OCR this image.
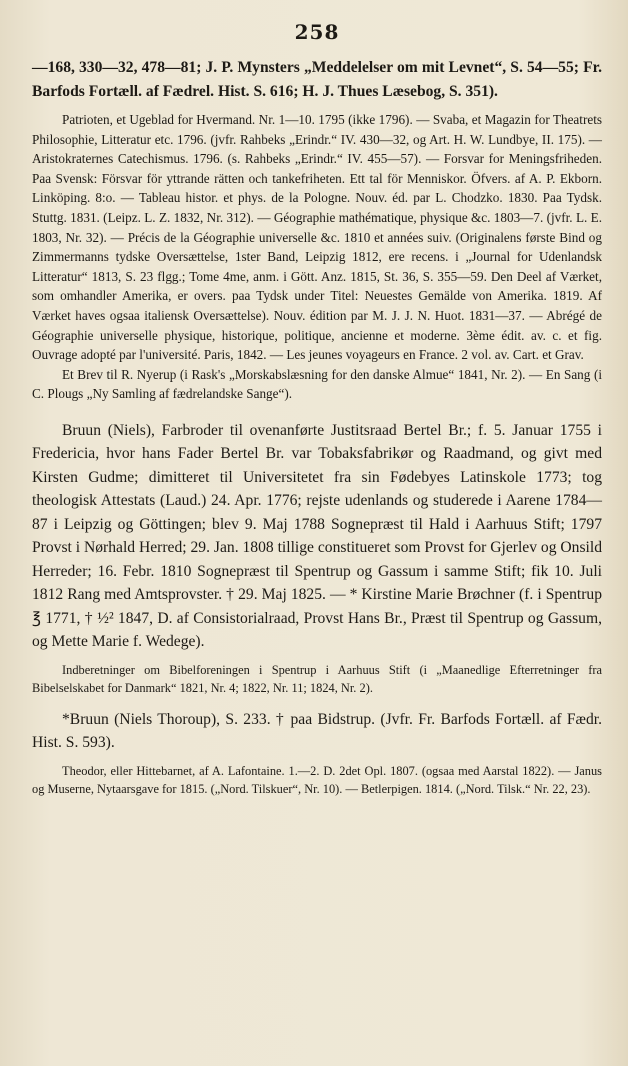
258

—168, 330—32, 478—81; J. P. Mynsters „Meddelelser om mit Levnet“, S. 54—55; Fr. Barfods Fortæll. af Fædrel. Hist. S. 616; H. J. Thues Læsebog, S. 351).

Patrioten, et Ugeblad for Hvermand. Nr. 1—10. 1795 (ikke 1796). — Svaba, et Magazin for Theatrets Philosophie, Litteratur etc. 1796. (jvfr. Rahbeks „Erindr.“ IV. 430—32, og Art. H. W. Lundbye, II. 175). — Aristokraternes Catechismus. 1796. (s. Rahbeks „Erindr.“ IV. 455—57). — Forsvar for Meningsfriheden. Paa Svensk: Försvar för yttrande rätten och tankefriheten. Ett tal för Menniskor. Öfvers. af A. P. Ekborn. Linköping. 8:o. — Tableau histor. et phys. de la Pologne. Nouv. éd. par L. Chodzko. 1830. Paa Tydsk. Stuttg. 1831. (Leipz. L. Z. 1832, Nr. 312). — Géographie mathématique, physique &c. 1803—7. (jvfr. L. E. 1803, Nr. 32). — Précis de la Géographie universelle &c. 1810 et années suiv. (Originalens første Bind og Zimmermanns tydske Oversættelse, 1ster Band, Leipzig 1812, ere recens. i „Journal for Udenlandsk Litteratur“ 1813, S. 23 flgg.; Tome 4me, anm. i Gött. Anz. 1815, St. 36, S. 355—59. Den Deel af Værket, som omhandler Amerika, er overs. paa Tydsk under Titel: Neuestes Gemälde von Amerika. 1819. Af Værket haves ogsaa italiensk Oversættelse). Nouv. édition par M. J. J. N. Huot. 1831—37. — Abrégé de Géographie universelle physique, historique, politique, ancienne et moderne. 3ème édit. av. c. et fig. Ouvrage adopté par l'université. Paris, 1842. — Les jeunes voyageurs en France. 2 vol. av. Cart. et Grav.

Et Brev til R. Nyerup (i Rask's „Morskabslæsning for den danske Almue“ 1841, Nr. 2). — En Sang (i C. Plougs „Ny Samling af fædrelandske Sange“).

Bruun (Niels), Farbroder til ovenanførte Justitsraad Bertel Br.; f. 5. Januar 1755 i Fredericia, hvor hans Fader Bertel Br. var Tobaksfabrikør og Raadmand, og givt med Kirsten Gudme; dimitteret til Universitetet fra sin Fødebyes Latinskole 1773; tog theologisk Attestats (Laud.) 24. Apr. 1776; rejste udenlands og studerede i Aarene 1784—87 i Leipzig og Göttingen; blev 9. Maj 1788 Sognepræst til Hald i Aarhuus Stift; 1797 Provst i Nørhald Herred; 29. Jan. 1808 tillige constitueret som Provst for Gjerlev og Onsild Herreder; 16. Febr. 1810 Sognepræst til Spentrup og Gassum i samme Stift; fik 10. Juli 1812 Rang med Amtsprovster. † 29. Maj 1825. — * Kirstine Marie Brøchner (f. i Spentrup ℥ 1771, † ½² 1847, D. af Consistorialraad, Provst Hans Br., Præst til Spentrup og Gassum, og Mette Marie f. Wedege).

Indberetninger om Bibelforeningen i Spentrup i Aarhuus Stift (i „Maanedlige Efterretninger fra Bibelselskabet for Danmark“ 1821, Nr. 4; 1822, Nr. 11; 1824, Nr. 2).

*Bruun (Niels Thoroup), S. 233. † paa Bidstrup. (Jvfr. Fr. Barfods Fortæll. af Fædr. Hist. S. 593).

Theodor, eller Hittebarnet, af A. Lafontaine. 1.—2. D. 2det Opl. 1807. (ogsaa med Aarstal 1822). — Janus og Muserne, Nytaarsgave for 1815. („Nord. Tilskuer“, Nr. 10). — Betlerpigen. 1814. („Nord. Tilsk.“ Nr. 22, 23).
